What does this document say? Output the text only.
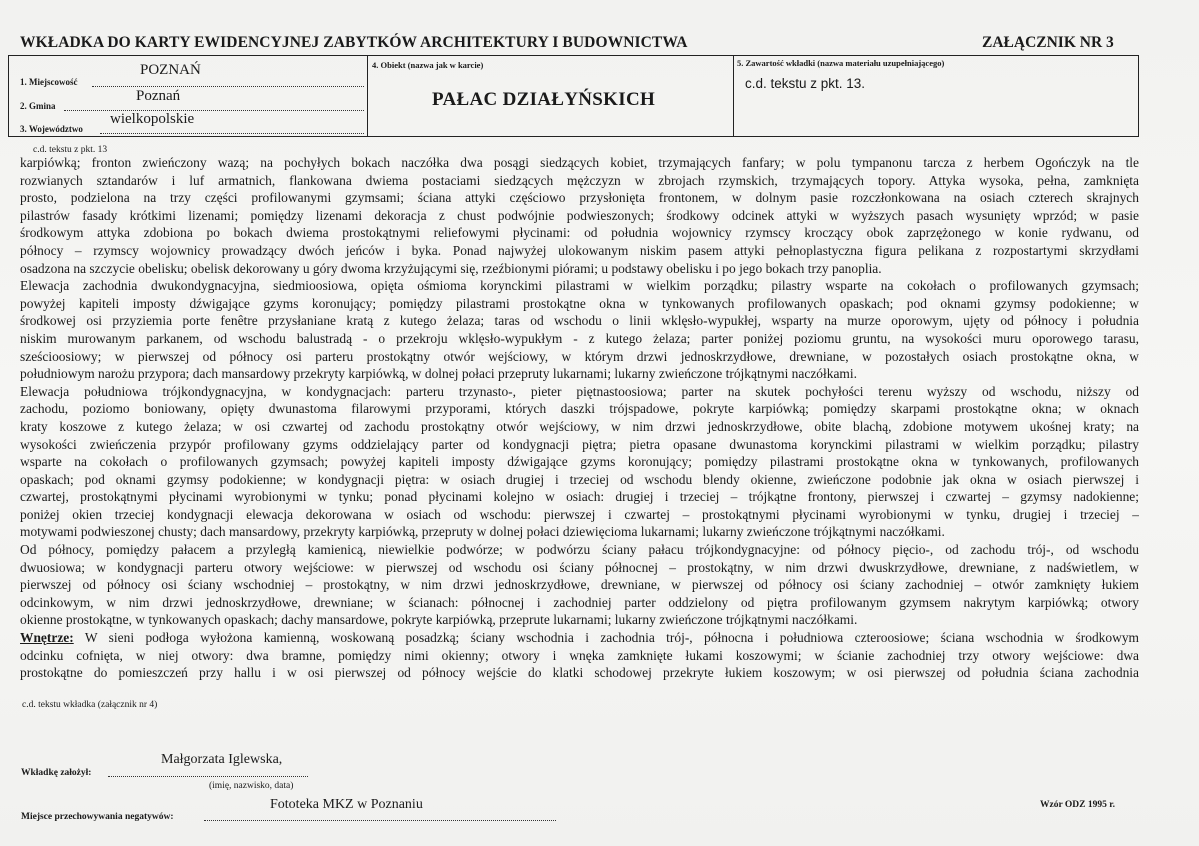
WKŁADKA DO KARTY EWIDENCYJNEJ ZABYTKÓW ARCHITEKTURY I BUDOWNICTWA	ZAŁĄCZNIK NR 3
1. Miejscowość
POZNAŃ
2. Gmina
Poznań
3. Województwo
wielkopolskie
4. Obiekt (nazwa jak w karcie)
PAŁAC DZIAŁYŃSKICH
5. Zawartość wkładki (nazwa materiału uzupełniającego)
c.d. tekstu z pkt. 13.
c.d. tekstu z pkt. 13
karpiówką; fronton zwieńczony wazą; na pochyłych bokach naczółka dwa posągi siedzących kobiet, trzymających fanfary; w polu tympanonu tarcza z herbem Ogończyk na tle
rozwianych sztandarów i luf armatnich, flankowana dwiema postaciami siedzących mężczyzn w zbrojach rzymskich, trzymających topory. Attyka wysoka, pełna, zamknięta
prosto, podzielona na trzy części profilowanymi gzymsami; ściana attyki częściowo przysłonięta frontonem, w dolnym pasie rozczłonkowana na osiach czterech skrajnych
pilastrów fasady krótkimi lizenami; pomiędzy lizenami dekoracja z chust podwójnie podwieszonych; środkowy odcinek attyki w wyższych pasach wysunięty wprzód; w pasie
środkowym attyka zdobiona po bokach dwiema prostokątnymi reliefowymi płycinami: od południa wojownicy rzymscy kroczący obok zaprzężonego w konie rydwanu, od
północy – rzymscy wojownicy prowadzący dwóch jeńców i byka. Ponad najwyżej ulokowanym niskim pasem attyki pełnoplastyczna figura pelikana z rozpostartymi skrzydłami
osadzona na szczycie obelisku; obelisk dekorowany u góry dwoma krzyżującymi się, rzeźbionymi piórami; u podstawy obelisku i po jego bokach trzy panoplia.
Elewacja zachodnia dwukondygnacyjna, siedmioosiowa, opięta ośmioma korynckimi pilastrami w wielkim porządku; pilastry wsparte na cokołach o profilowanych gzymsach;
powyżej kapiteli imposty dźwigające gzyms koronujący; pomiędzy pilastrami prostokątne okna w tynkowanych profilowanych opaskach; pod oknami gzymsy podokienne; w
środkowej osi przyziemia porte fenêtre przysłaniane kratą z kutego żelaza; taras od wschodu o linii wklęsło-wypukłej, wsparty na murze oporowym, ujęty od północy i południa
niskim murowanym parkanem, od wschodu balustradą - o przekroju wklęsło-wypukłym - z kutego żelaza; parter poniżej poziomu gruntu, na wysokości muru oporowego tarasu,
sześcioosiowy; w pierwszej od północy osi parteru prostokątny otwór wejściowy, w którym drzwi jednoskrzydłowe, drewniane, w pozostałych osiach prostokątne okna, w
południowym narożu przypora; dach mansardowy przekryty karpiówką, w dolnej połaci przepruty lukarnami; lukarny zwieńczone trójkątnymi naczółkami.
Elewacja południowa trójkondygnacyjna, w kondygnacjach: parteru trzynasto-, pieter piętnastoosiowa; parter na skutek pochyłości terenu wyższy od wschodu, niższy od
zachodu, poziomo boniowany, opięty dwunastoma filarowymi przyporami, których daszki trójspadowe, pokryte karpiówką; pomiędzy skarpami prostokątne okna; w oknach
kraty koszowe z kutego żelaza; w osi czwartej od zachodu prostokątny otwór wejściowy, w nim drzwi jednoskrzydłowe, obite blachą, zdobione motywem ukośnej kraty; na
wysokości zwieńczenia przypór profilowany gzyms oddzielający parter od kondygnacji piętra; pietra opasane dwunastoma korynckimi pilastrami w wielkim porządku; pilastry
wsparte na cokołach o profilowanych gzymsach; powyżej kapiteli imposty dźwigające gzyms koronujący; pomiędzy pilastrami prostokątne okna w tynkowanych, profilowanych
opaskach; pod oknami gzymsy podokienne; w kondygnacji piętra: w osiach drugiej i trzeciej od wschodu blendy okienne, zwieńczone podobnie jak okna w osiach pierwszej i
czwartej, prostokątnymi płycinami wyrobionymi w tynku; ponad płycinami kolejno w osiach: drugiej i trzeciej – trójkątne frontony, pierwszej i czwartej – gzymsy nadokienne;
poniżej okien trzeciej kondygnacji elewacja dekorowana w osiach od wschodu: pierwszej i czwartej – prostokątnymi płycinami wyrobionymi w tynku, drugiej i trzeciej –
motywami podwieszonej chusty; dach mansardowy, przekryty karpiówką, przepruty w dolnej połaci dziewięcioma lukarnami; lukarny zwieńczone trójkątnymi naczółkami.
Od północy, pomiędzy pałacem a przyległą kamienicą, niewielkie podwórze; w podwórzu ściany pałacu trójkondygnacyjne: od północy pięcio-, od zachodu trój-, od wschodu
dwuosiowa; w kondygnacji parteru otwory wejściowe: w pierwszej od wschodu osi ściany północnej – prostokątny, w nim drzwi dwuskrzydłowe, drewniane, z nadświetlem, w
pierwszej od północy osi ściany wschodniej – prostokątny, w nim drzwi jednoskrzydłowe, drewniane, w pierwszej od północy osi ściany zachodniej – otwór zamknięty łukiem
odcinkowym, w nim drzwi jednoskrzydłowe, drewniane; w ścianach: północnej i zachodniej parter oddzielony od piętra profilowanym gzymsem nakrytym karpiówką; otwory
okienne prostokątne, w tynkowanych opaskach; dachy mansardowe, pokryte karpiówką, przeprute lukarnami; lukarny zwieńczone trójkątnymi naczółkami.
Wnętrze: W sieni podłoga wyłożona kamienną, woskowaną posadzką; ściany wschodnia i zachodnia trój-, północna i południowa czteroosiowe; ściana wschodnia w środkowym
odcinku cofnięta, w niej otwory: dwa bramne, pomiędzy nimi okienny; otwory i wnęka zamknięte łukami koszowymi; w ścianie zachodniej trzy otwory wejściowe: dwa
prostokątne do pomieszczeń przy hallu i w osi pierwszej od północy wejście do klatki schodowej przekryte łukiem koszowym; w osi pierwszej od południa ściana zachodnia
c.d. tekstu wkładka (załącznik nr 4)
Wkładkę założył:
Małgorzata Iglewska,
(imię, nazwisko, data)
Miejsce przechowywania negatywów:
Fototeka MKZ w Poznaniu	Wzór ODZ 1995 r.
